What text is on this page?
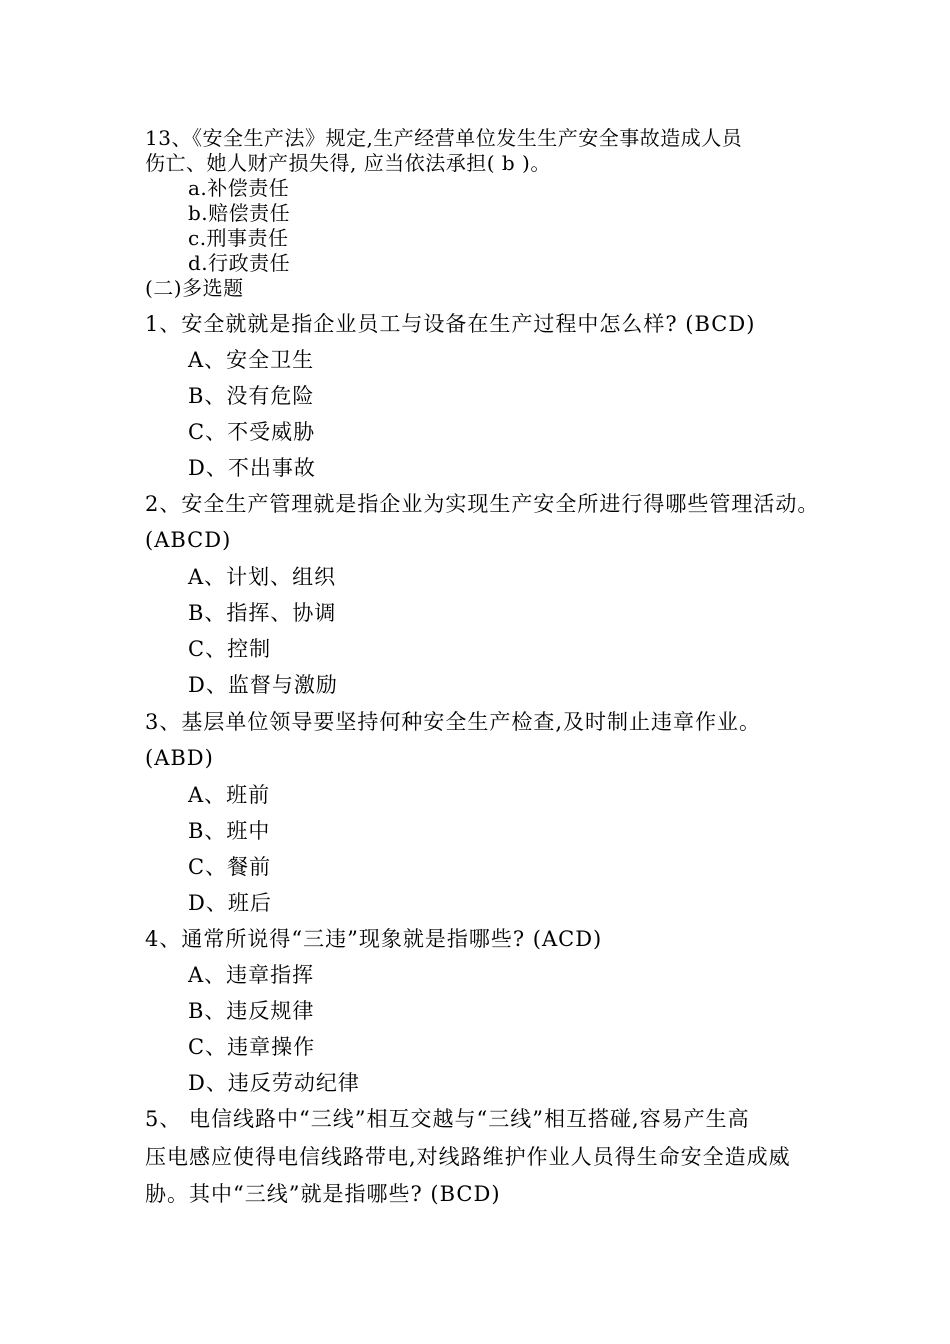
13、《安全生产法》规定,生产经营单位发生生产安全事故造成人员
伤亡、她人财产损失得, 应当依法承担( b )。
a.补偿责任
b.赔偿责任
c.刑事责任
d.行政责任
(二)多选题
1、安全就就是指企业员工与设备在生产过程中怎么样? (BCD)
A、安全卫生
B、没有危险
C、不受威胁
D、不出事故
2、安全生产管理就是指企业为实现生产安全所进行得哪些管理活动。
(ABCD)
A、计划、组织
B、指挥、协调
C、控制
D、监督与激励
3、基层单位领导要坚持何种安全生产检查,及时制止违章作业。
(ABD)
A、班前
B、班中
C、餐前
D、班后
4、通常所说得“三违”现象就是指哪些? (ACD)
A、违章指挥
B、违反规律
C、违章操作
D、违反劳动纪律
5、 电信线路中“三线”相互交越与“三线”相互搭碰,容易产生高
压电感应使得电信线路带电,对线路维护作业人员得生命安全造成威
胁。其中“三线”就是指哪些? (BCD)
